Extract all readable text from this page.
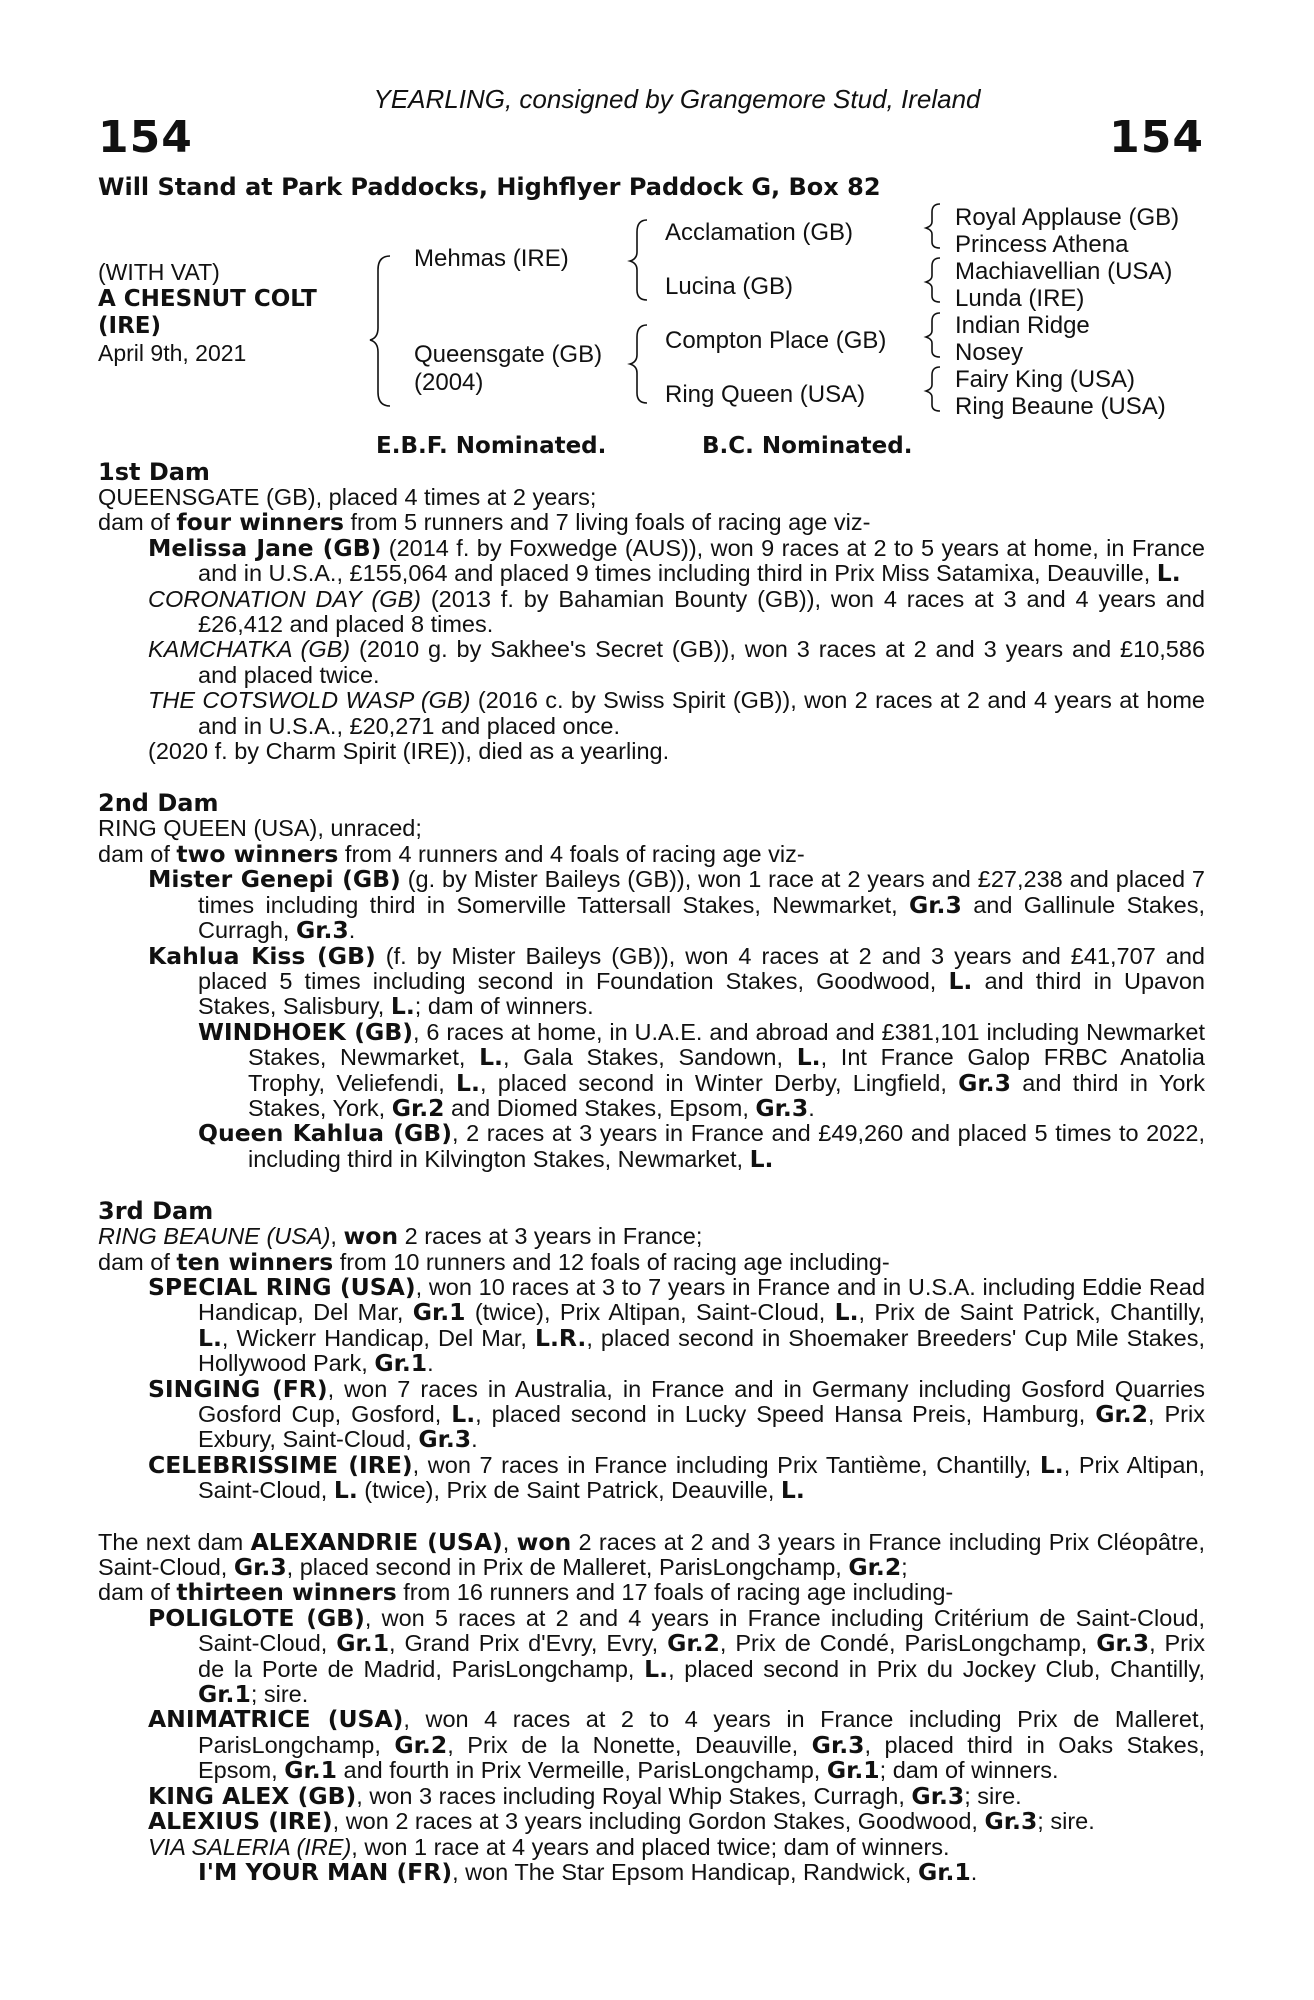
YEARLING, consigned by Grangemore Stud, Ireland
154	154
Will Stand at Park Paddocks, Highflyer Paddock G, Box 82
(WITH VAT)
A CHESNUT COLT
(IRE)
April 9th, 2021
Mehmas (IRE)
Queensgate (GB)
(2004)
Acclamation (GB)
Lucina (GB)
Compton Place (GB)
Ring Queen (USA)
Royal Applause (GB)
Princess Athena
Machiavellian (USA)
Lunda (IRE)
Indian Ridge
Nosey
Fairy King (USA)
Ring Beaune (USA)
E.B.F. Nominated.	B.C. Nominated.
1st Dam

QUEENSGATE (GB), placed 4 times at 2 years;

dam of four winners from 5 runners and 7 living foals of racing age viz-

Melissa Jane (GB) (2014 f. by Foxwedge (AUS)), won 9 races at 2 to 5 years at home, in France and in U.S.A., £155,064 and placed 9 times including third in Prix Miss Satamixa, Deauville, L.

CORONATION DAY (GB) (2013 f. by Bahamian Bounty (GB)), won 4 races at 3 and 4 years and £26,412 and placed 8 times.

KAMCHATKA (GB) (2010 g. by Sakhee's Secret (GB)), won 3 races at 2 and 3 years and £10,586 and placed twice.

THE COTSWOLD WASP (GB) (2016 c. by Swiss Spirit (GB)), won 2 races at 2 and 4 years at home and in U.S.A., £20,271 and placed once.

(2020 f. by Charm Spirit (IRE)), died as a yearling.

2nd Dam

RING QUEEN (USA), unraced;

dam of two winners from 4 runners and 4 foals of racing age viz-

Mister Genepi (GB) (g. by Mister Baileys (GB)), won 1 race at 2 years and £27,238 and placed 7 times including third in Somerville Tattersall Stakes, Newmarket, Gr.3 and Gallinule Stakes, Curragh, Gr.3.

Kahlua Kiss (GB) (f. by Mister Baileys (GB)), won 4 races at 2 and 3 years and £41,707 and placed 5 times including second in Foundation Stakes, Goodwood, L. and third in Upavon Stakes, Salisbury, L.; dam of winners.

WINDHOEK (GB), 6 races at home, in U.A.E. and abroad and £381,101 including Newmarket Stakes, Newmarket, L., Gala Stakes, Sandown, L., Int France Galop FRBC Anatolia Trophy, Veliefendi, L., placed second in Winter Derby, Lingfield, Gr.3 and third in York Stakes, York, Gr.2 and Diomed Stakes, Epsom, Gr.3.

Queen Kahlua (GB), 2 races at 3 years in France and £49,260 and placed 5 times to 2022, including third in Kilvington Stakes, Newmarket, L.

3rd Dam

RING BEAUNE (USA), won 2 races at 3 years in France;

dam of ten winners from 10 runners and 12 foals of racing age including-

SPECIAL RING (USA), won 10 races at 3 to 7 years in France and in U.S.A. including Eddie Read Handicap, Del Mar, Gr.1 (twice), Prix Altipan, Saint-Cloud, L., Prix de Saint Patrick, Chantilly, L., Wickerr Handicap, Del Mar, L.R., placed second in Shoemaker Breeders' Cup Mile Stakes, Hollywood Park, Gr.1.

SINGING (FR), won 7 races in Australia, in France and in Germany including Gosford Quarries Gosford Cup, Gosford, L., placed second in Lucky Speed Hansa Preis, Hamburg, Gr.2, Prix Exbury, Saint-Cloud, Gr.3.

CELEBRISSIME (IRE), won 7 races in France including Prix Tantième, Chantilly, L., Prix Altipan, Saint-Cloud, L. (twice), Prix de Saint Patrick, Deauville, L.

The next dam ALEXANDRIE (USA), won 2 races at 2 and 3 years in France including Prix Cléopâtre, Saint-Cloud, Gr.3, placed second in Prix de Malleret, ParisLongchamp, Gr.2;

dam of thirteen winners from 16 runners and 17 foals of racing age including-

POLIGLOTE (GB), won 5 races at 2 and 4 years in France including Critérium de Saint-Cloud, Saint-Cloud, Gr.1, Grand Prix d'Evry, Evry, Gr.2, Prix de Condé, ParisLongchamp, Gr.3, Prix de la Porte de Madrid, ParisLongchamp, L., placed second in Prix du Jockey Club, Chantilly, Gr.1; sire.

ANIMATRICE (USA), won 4 races at 2 to 4 years in France including Prix de Malleret, ParisLongchamp, Gr.2, Prix de la Nonette, Deauville, Gr.3, placed third in Oaks Stakes, Epsom, Gr.1 and fourth in Prix Vermeille, ParisLongchamp, Gr.1; dam of winners.

KING ALEX (GB), won 3 races including Royal Whip Stakes, Curragh, Gr.3; sire.

ALEXIUS (IRE), won 2 races at 3 years including Gordon Stakes, Goodwood, Gr.3; sire.

VIA SALERIA (IRE), won 1 race at 4 years and placed twice; dam of winners.

I'M YOUR MAN (FR), won The Star Epsom Handicap, Randwick, Gr.1.
